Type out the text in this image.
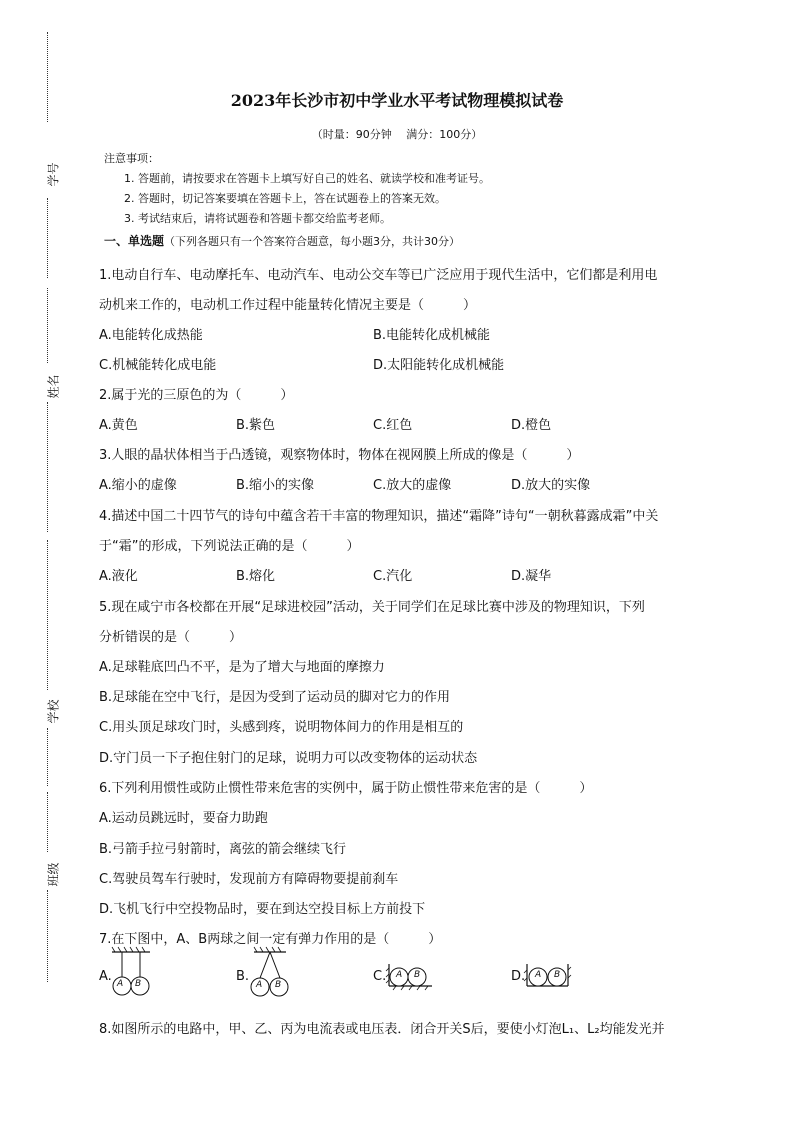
学号
姓名
学校
班级
2023年长沙市初中学业水平考试物理模拟试卷
（时量：90分钟　 满分：100分）
注意事项：
1. 答题前，请按要求在答题卡上填写好自己的姓名、就读学校和准考证号。
2. 答题时，切记答案要填在答题卡上，答在试题卷上的答案无效。
3. 考试结束后，请将试题卷和答题卡都交给监考老师。
一、单选题（下列各题只有一个答案符合题意，每小题3分，共计30分）
1.电动自行车、电动摩托车、电动汽车、电动公交车等已广泛应用于现代生活中，它们都是利用电
动机来工作的，电动机工作过程中能量转化情况主要是（　　　）
A.电能转化成热能	B.电能转化成机械能
C.机械能转化成电能	D.太阳能转化成机械能
2.属于光的三原色的为（　　　）
A.黄色	B.紫色	C.红色	D.橙色
3.人眼的晶状体相当于凸透镜，观察物体时，物体在视网膜上所成的像是（　　　）
A.缩小的虚像	B.缩小的实像	C.放大的虚像	D.放大的实像
4.描述中国二十四节气的诗句中蕴含若干丰富的物理知识，描述“霜降”诗句“一朝秋暮露成霜”中关
于“霜”的形成，下列说法正确的是（　　　）
A.液化	B.熔化	C.汽化	D.凝华
5.现在咸宁市各校都在开展“足球进校园”活动，关于同学们在足球比赛中涉及的物理知识，下列
分析错误的是（　　　）
A.足球鞋底凹凸不平，是为了增大与地面的摩擦力
B.足球能在空中飞行，是因为受到了运动员的脚对它力的作用
C.用头顶足球攻门时，头感到疼，说明物体间力的作用是相互的
D.守门员一下子抱住射门的足球，说明力可以改变物体的运动状态
6.下列利用惯性或防止惯性带来危害的实例中，属于防止惯性带来危害的是（　　　）
A.运动员跳远时，要奋力助跑
B.弓箭手拉弓射箭时，离弦的箭会继续飞行
C.驾驶员驾车行驶时，发现前方有障碍物要提前刹车
D.飞机飞行中空投物品时，要在到达空投目标上方前投下
7.在下图中，A、B两球之间一定有弹力作用的是（　　　）
A. A B	B.
A B
C. A B	D. A B
8.如图所示的电路中，甲、乙、丙为电流表或电压表．闭合开关S后，要使小灯泡L₁、L₂均能发光并
